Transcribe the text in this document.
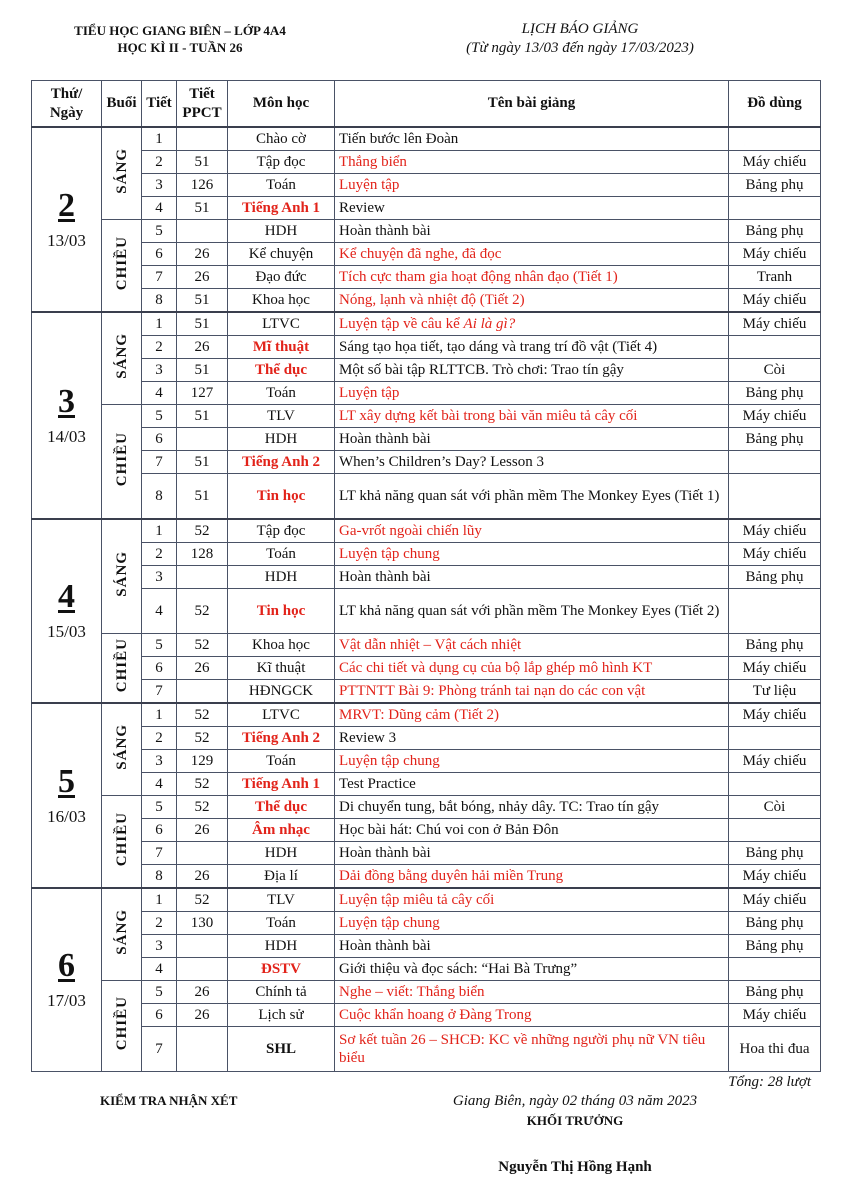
TIỂU HỌC GIANG BIÊN – LỚP 4A4
HỌC KÌ II - TUẦN 26
LỊCH BÁO GIẢNG
(Từ ngày 13/03 đến ngày 17/03/2023)
Thứ/ Ngày	Buổi	Tiết	Tiết PPCT	Môn học	Tên bài giảng	Đồ dùng

2
13/03	SÁNG	1		Chào cờ	Tiến bước lên Đoàn	
		2	51	Tập đọc	Thắng biển	Máy chiếu
		3	126	Toán	Luyện tập	Bảng phụ
		4	51	Tiếng Anh 1	Review	
	CHIỀU	5		HDH	Hoàn thành bài	Bảng phụ
		6	26	Kể chuyện	Kể chuyện đã nghe, đã đọc	Máy chiếu
		7	26	Đạo đức	Tích cực tham gia hoạt động nhân đạo (Tiết 1)	Tranh
		8	51	Khoa học	Nóng, lạnh và nhiệt độ (Tiết 2)	Máy chiếu

3
14/03	SÁNG	1	51	LTVC	Luyện tập về câu kể Ai là gì?	Máy chiếu
		2	26	Mĩ thuật	Sáng tạo họa tiết, tạo dáng và trang trí đồ vật (Tiết 4)	
		3	51	Thể dục	Một số bài tập RLTTCB. Trò chơi: Trao tín gậy	Còi
		4	127	Toán	Luyện tập	Bảng phụ
	CHIỀU	5	51	TLV	LT xây dựng kết bài trong bài văn miêu tả cây cối	Máy chiếu
		6		HDH	Hoàn thành bài	Bảng phụ
		7	51	Tiếng Anh 2	When’s Children’s Day? Lesson 3	
		8	51	Tin học	LT khả năng quan sát với phần mềm The Monkey Eyes (Tiết 1)	

4
15/03	SÁNG	1	52	Tập đọc	Ga-vrốt ngoài chiến lũy	Máy chiếu
		2	128	Toán	Luyện tập chung	Máy chiếu
		3		HDH	Hoàn thành bài	Bảng phụ
		4	52	Tin học	LT khả năng quan sát với phần mềm The Monkey Eyes (Tiết 2)	
	CHIỀU	5	52	Khoa học	Vật dẫn nhiệt – Vật cách nhiệt	Bảng phụ
		6	26	Kĩ thuật	Các chi tiết và dụng cụ của bộ lắp ghép mô hình KT	Máy chiếu
		7		HĐNGCK	PTTNTT Bài 9: Phòng tránh tai nạn do các con vật	Tư liệu

5
16/03	SÁNG	1	52	LTVC	MRVT: Dũng cảm (Tiết 2)	Máy chiếu
		2	52	Tiếng Anh 2	Review 3	
		3	129	Toán	Luyện tập chung	Máy chiếu
		4	52	Tiếng Anh 1	Test Practice	
	CHIỀU	5	52	Thể dục	Di chuyển tung, bắt bóng, nhảy dây. TC: Trao tín gậy	Còi
		6	26	Âm nhạc	Học bài hát: Chú voi con ở Bản Đôn	
		7		HDH	Hoàn thành bài	Bảng phụ
		8	26	Địa lí	Dải đồng bằng duyên hải miền Trung	Máy chiếu

6
17/03	SÁNG	1	52	TLV	Luyện tập miêu tả cây cối	Máy chiếu
		2	130	Toán	Luyện tập chung	Bảng phụ
		3		HDH	Hoàn thành bài	Bảng phụ
		4		ĐSTV	Giới thiệu và đọc sách: “Hai Bà Trưng”	
	CHIỀU	5	26	Chính tả	Nghe – viết: Thắng biển	Bảng phụ
		6	26	Lịch sử	Cuộc khẩn hoang ở Đàng Trong	Máy chiếu
		7		SHL	Sơ kết tuần 26 – SHCĐ: KC về những người phụ nữ VN tiêu biểu	Hoa thi đua
Tổng: 28 lượt
KIỂM TRA NHẬN XÉT	Giang Biên, ngày 02 tháng 03 năm 2023
KHỐI TRƯỞNG
Nguyễn Thị Hồng Hạnh
